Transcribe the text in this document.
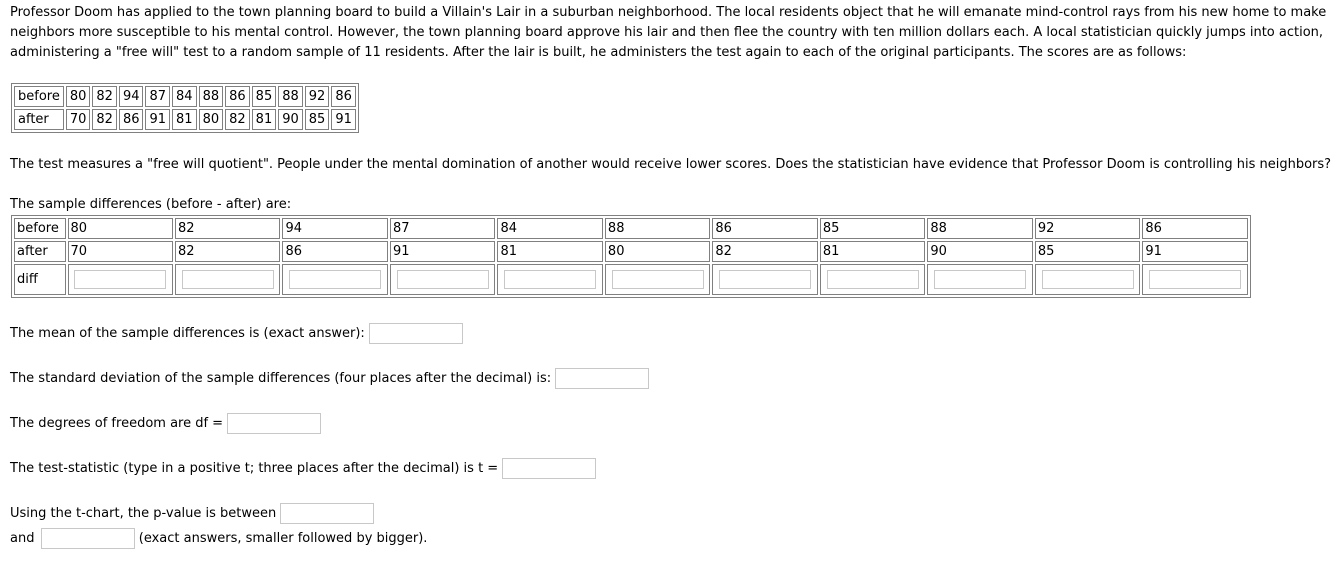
Professor Doom has applied to the town planning board to build a Villain's Lair in a suburban neighborhood. The local residents object that he will emanate mind-control rays from his new home to make
neighbors more susceptible to his mental control. However, the town planning board approve his lair and then flee the country with ten million dollars each. A local statistician quickly jumps into action,
administering a "free will" test to a random sample of 11 residents. After the lair is built, he administers the test again to each of the original participants. The scores are as follows:
before	80	82	94	87	84	88	86	85	88	92	86
after	70	82	86	91	81	80	82	81	90	85	91

The test measures a "free will quotient". People under the mental domination of another would receive lower scores. Does the statistician have evidence that Professor Doom is controlling his neighbors?

The sample differences (before - after) are:

before	80	82	94	87	84	88	86	85	88	92	86
after	70	82	86	91	81	80	82	81	90	85	91
diff	

The mean of the sample differences is (exact answer):

The standard deviation of the sample differences (four places after the decimal) is:

The degrees of freedom are df =

The test-statistic (type in a positive t; three places after the decimal) is t =

Using the t-chart, the p-value is between

and	(exact answers, smaller followed by bigger).
